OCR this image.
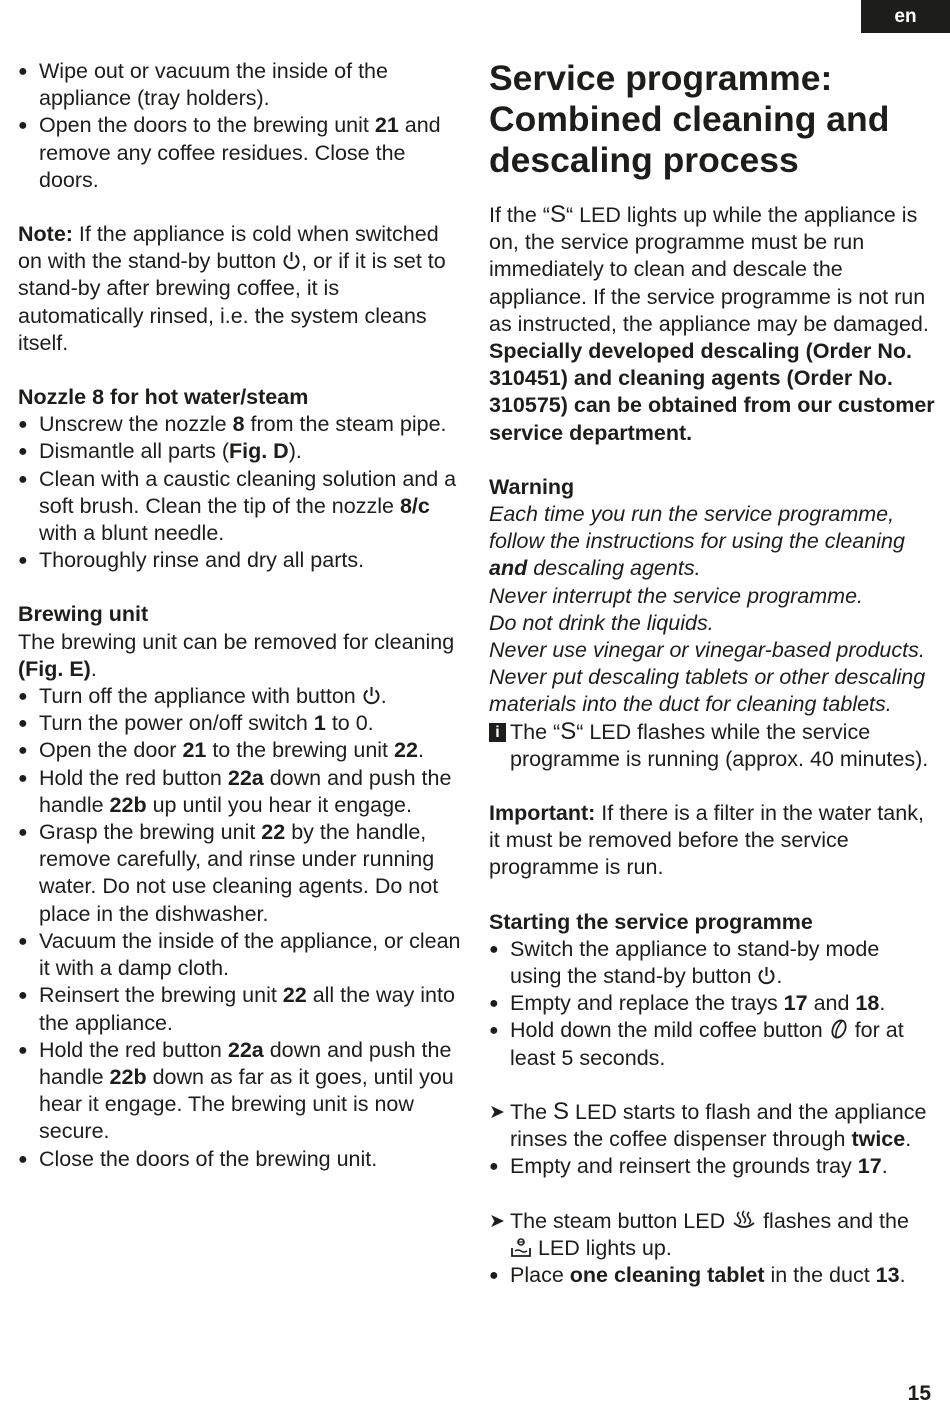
en

● Wipe out or vacuum the inside of the appliance (tray holders).

● Open the doors to the brewing unit 21 and remove any coffee residues. Close the doors.

Note: If the appliance is cold when switched on with the stand-by button , or if it is set to stand-by after brewing coffee, it is automatically rinsed, i.e. the system cleans itself.

Nozzle 8 for hot water/steam

● Unscrew the nozzle 8 from the steam pipe.

● Dismantle all parts (Fig. D).

● Clean with a caustic cleaning solution and a soft brush. Clean the tip of the nozzle 8/c with a blunt needle.

● Thoroughly rinse and dry all parts.

Brewing unit

The brewing unit can be removed for cleaning (Fig. E).

● Turn off the appliance with button .

● Turn the power on/off switch 1 to 0.

● Open the door 21 to the brewing unit 22.

● Hold the red button 22a down and push the handle 22b up until you hear it engage.

● Grasp the brewing unit 22 by the handle, remove carefully, and rinse under running water. Do not use cleaning agents. Do not place in the dishwasher.

● Vacuum the inside of the appliance, or clean it with a damp cloth.

● Reinsert the brewing unit 22 all the way into the appliance.

● Hold the red button 22a down and push the handle 22b down as far as it goes, until you hear it engage. The brewing unit is now secure.

● Close the doors of the brewing unit.

Service programme: Combined cleaning and descaling process

If the “S“ LED lights up while the appliance is on, the service programme must be run immediately to clean and descale the appliance. If the service programme is not run as instructed, the appliance may be damaged. Specially developed descaling (Order No. 310451) and cleaning agents (Order No. 310575) can be obtained from our customer service department.

Warning

Each time you run the service programme, follow the instructions for using the cleaning and descaling agents.

Never interrupt the service programme.

Do not drink the liquids.

Never use vinegar or vinegar-based products.

Never put descaling tablets or other descaling materials into the duct for cleaning tablets.

i The “S“ LED flashes while the service programme is running (approx. 40 minutes).

Important: If there is a filter in the water tank, it must be removed before the service programme is run.

Starting the service programme

● Switch the appliance to stand-by mode using the stand-by button .

● Empty and replace the trays 17 and 18.

● Hold down the mild coffee button  for at least 5 seconds.

➤ The S LED starts to flash and the appliance rinses the coffee dispenser through twice.

● Empty and reinsert the grounds tray 17.

➤ The steam button LED  flashes and the  LED lights up.

● Place one cleaning tablet in the duct 13.

15
